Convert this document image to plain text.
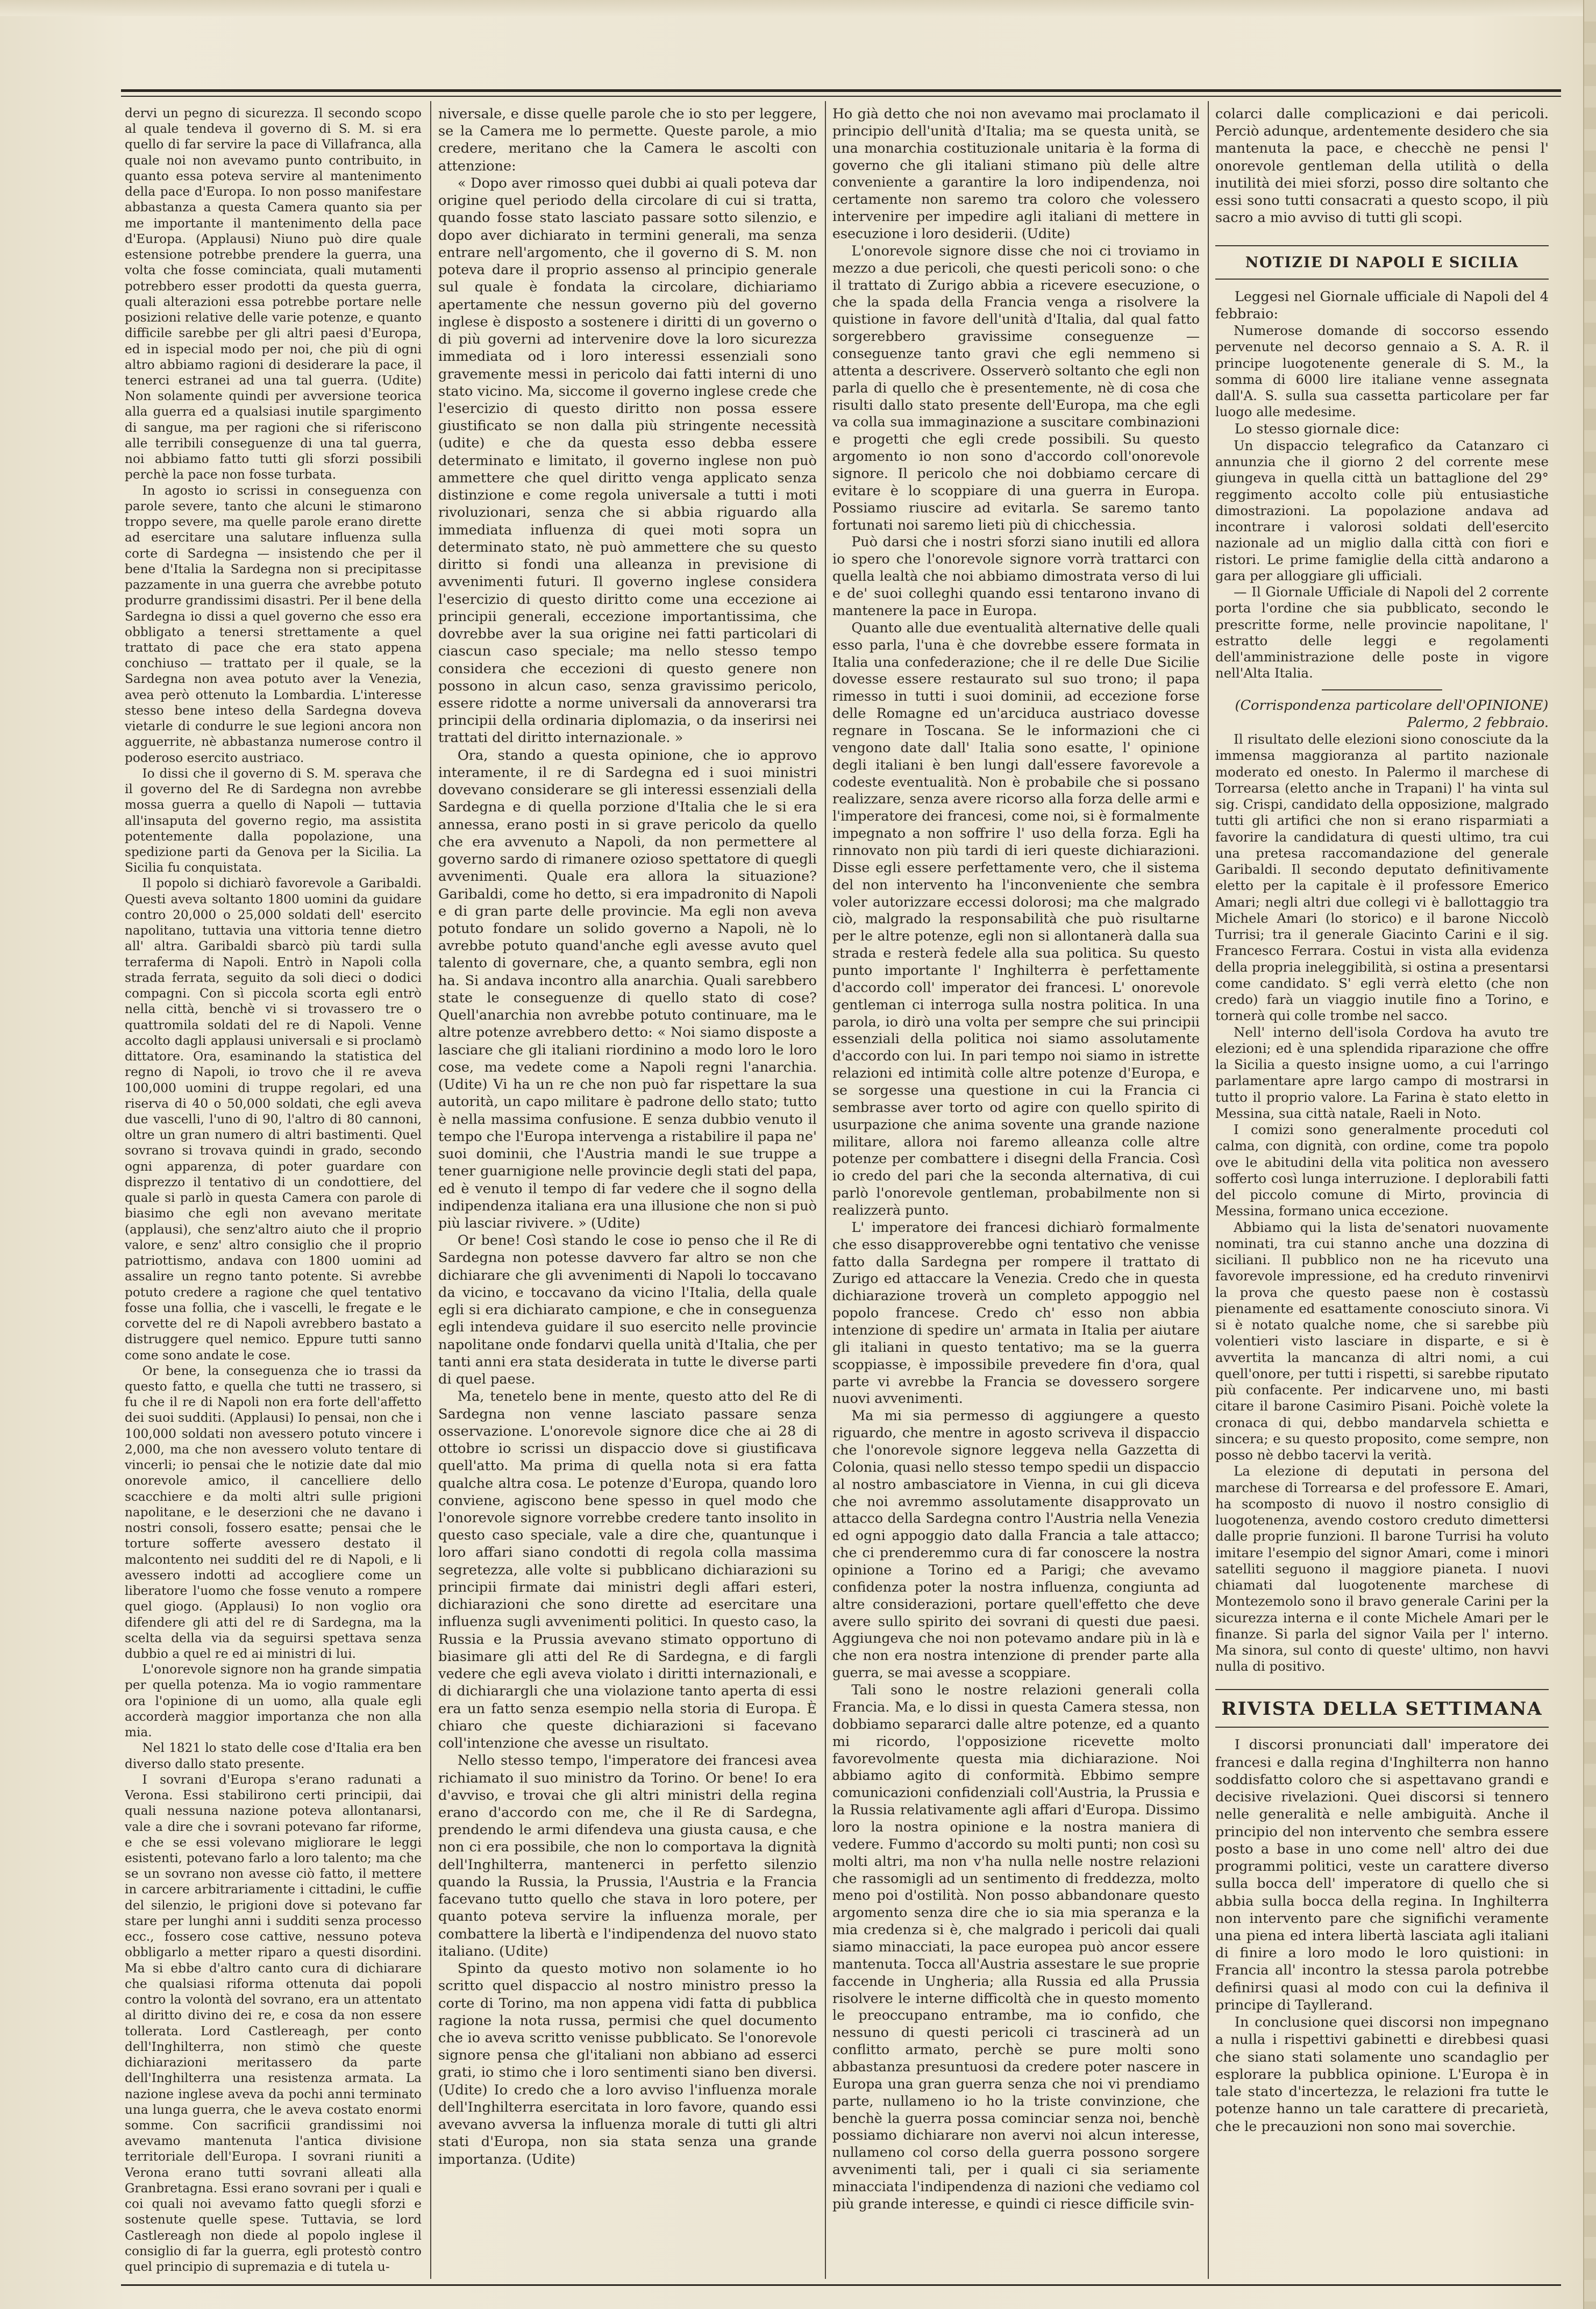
dervi un pegno di sicurezza. Il secondo scopo al quale tendeva il governo di S. M. si era quello di far servire la pace di Villafranca, alla quale noi non avevamo punto contribuito, in quanto essa poteva servire al mantenimento della pace d'Europa. Io non posso manifestare abbastanza a questa Camera quanto sia per me importante il mantenimento della pace d'Europa. (Applausi) Niuno può dire quale estensione potrebbe prendere la guerra, una volta che fosse cominciata, quali mutamenti potrebbero esser prodotti da questa guerra, quali alterazioni essa potrebbe portare nelle posizioni relative delle varie potenze, e quanto difficile sarebbe per gli altri paesi d'Europa, ed in ispecial modo per noi, che più di ogni altro abbiamo ragioni di desiderare la pace, il tenerci estranei ad una tal guerra. (Udite) Non solamente quindi per avversione teorica alla guerra ed a qualsiasi inutile spargimento di sangue, ma per ragioni che si riferiscono alle terribili conseguenze di una tal guerra, noi abbiamo fatto tutti gli sforzi possibili perchè la pace non fosse turbata.

In agosto io scrissi in conseguenza con parole severe, tanto che alcuni le stimarono troppo severe, ma quelle parole erano dirette ad esercitare una salutare influenza sulla corte di Sardegna — insistendo che per il bene d'Italia la Sardegna non si precipitasse pazzamente in una guerra che avrebbe potuto produrre grandissimi disastri. Per il bene della Sardegna io dissi a quel governo che esso era obbligato a tenersi strettamente a quel trattato di pace che era stato appena conchiuso — trattato per il quale, se la Sardegna non avea potuto aver la Venezia, avea però ottenuto la Lombardia. L'interesse stesso bene inteso della Sardegna doveva vietarle di condurre le sue legioni ancora non agguerrite, nè abbastanza numerose contro il poderoso esercito austriaco.

Io dissi che il governo di S. M. sperava che il governo del Re di Sardegna non avrebbe mossa guerra a quello di Napoli — tuttavia all'insaputa del governo regio, ma assistita potentemente dalla popolazione, una spedizione parti da Genova per la Sicilia. La Sicilia fu conquistata.

Il popolo si dichiarò favorevole a Garibaldi. Questi aveva soltanto 1800 uomini da guidare contro 20,000 o 25,000 soldati dell' esercito napolitano, tuttavia una vittoria tenne dietro all' altra. Garibaldi sbarcò più tardi sulla terraferma di Napoli. Entrò in Napoli colla strada ferrata, seguito da soli dieci o dodici compagni. Con sì piccola scorta egli entrò nella città, benchè vi si trovassero tre o quattromila soldati del re di Napoli. Venne accolto dagli applausi universali e si proclamò dittatore. Ora, esaminando la statistica del regno di Napoli, io trovo che il re aveva 100,000 uomini di truppe regolari, ed una riserva di 40 o 50,000 soldati, che egli aveva due vascelli, l'uno di 90, l'altro di 80 cannoni, oltre un gran numero di altri bastimenti. Quel sovrano si trovava quindi in grado, secondo ogni apparenza, di poter guardare con disprezzo il tentativo di un condottiere, del quale si parlò in questa Camera con parole di biasimo che egli non avevano meritate (applausi), che senz'altro aiuto che il proprio valore, e senz' altro consiglio che il proprio patriottismo, andava con 1800 uomini ad assalire un regno tanto potente. Si avrebbe potuto credere a ragione che quel tentativo fosse una follia, che i vascelli, le fregate e le corvette del re di Napoli avrebbero bastato a distruggere quel nemico. Eppure tutti sanno come sono andate le cose.

Or bene, la conseguenza che io trassi da questo fatto, e quella che tutti ne trassero, si fu che il re di Napoli non era forte dell'affetto dei suoi sudditi. (Applausi) Io pensai, non che i 100,000 soldati non avessero potuto vincere i 2,000, ma che non avessero voluto tentare di vincerli; io pensai che le notizie date dal mio onorevole amico, il cancelliere dello scacchiere e da molti altri sulle prigioni napolitane, e le deserzioni che ne davano i nostri consoli, fossero esatte; pensai che le torture sofferte avessero destato il malcontento nei sudditi del re di Napoli, e li avessero indotti ad accogliere come un liberatore l'uomo che fosse venuto a rompere quel giogo. (Applausi) Io non voglio ora difendere gli atti del re di Sardegna, ma la scelta della via da seguirsi spettava senza dubbio a quel re ed ai ministri di lui.

L'onorevole signore non ha grande simpatia per quella potenza. Ma io vogio rammentare ora l'opinione di un uomo, alla quale egli accorderà maggior importanza che non alla mia.

Nel 1821 lo stato delle cose d'Italia era ben diverso dallo stato presente.

I sovrani d'Europa s'erano radunati a Verona. Essi stabilirono certi principii, dai quali nessuna nazione poteva allontanarsi, vale a dire che i sovrani potevano far riforme, e che se essi volevano migliorare le leggi esistenti, potevano farlo a loro talento; ma che se un sovrano non avesse ciò fatto, il mettere in carcere arbitrariamente i cittadini, le cuffie del silenzio, le prigioni dove si potevano far stare per lunghi anni i sudditi senza processo ecc., fossero cose cattive, nessuno poteva obbligarlo a metter riparo a questi disordini. Ma si ebbe d'altro canto cura di dichiarare che qualsiasi riforma ottenuta dai popoli contro la volontà del sovrano, era un attentato al diritto divino dei re, e cosa da non essere tollerata. Lord Castlereagh, per conto dell'Inghilterra, non stimò che queste dichiarazioni meritassero da parte dell'Inghilterra una resistenza armata. La nazione inglese aveva da pochi anni terminato una lunga guerra, che le aveva costato enormi somme. Con sacrificii grandissimi noi avevamo mantenuta l'antica divisione territoriale dell'Europa. I sovrani riuniti a Verona erano tutti sovrani alleati alla Granbretagna. Essi erano sovrani per i quali e coi quali noi avevamo fatto quegli sforzi e sostenute quelle spese. Tuttavia, se lord Castlereagh non diede al popolo inglese il consiglio di far la guerra, egli protestò contro quel principio di supremazia e di tutela u-

niversale, e disse quelle parole che io sto per leggere, se la Camera me lo permette. Queste parole, a mio credere, meritano che la Camera le ascolti con attenzione:

« Dopo aver rimosso quei dubbi ai quali poteva dar origine quel periodo della circolare di cui si tratta, quando fosse stato lasciato passare sotto silenzio, e dopo aver dichiarato in termini generali, ma senza entrare nell'argomento, che il governo di S. M. non poteva dare il proprio assenso al principio generale sul quale è fondata la circolare, dichiariamo apertamente che nessun governo più del governo inglese è disposto a sostenere i diritti di un governo o di più governi ad intervenire dove la loro sicurezza immediata od i loro interessi essenziali sono gravemente messi in pericolo dai fatti interni di uno stato vicino. Ma, siccome il governo inglese crede che l'esercizio di questo diritto non possa essere giustificato se non dalla più stringente necessità (udite) e che da questa esso debba essere determinato e limitato, il governo inglese non può ammettere che quel diritto venga applicato senza distinzione e come regola universale a tutti i moti rivoluzionari, senza che si abbia riguardo alla immediata influenza di quei moti sopra un determinato stato, nè può ammettere che su questo diritto si fondi una alleanza in previsione di avvenimenti futuri. Il governo inglese considera l'esercizio di questo diritto come una eccezione ai principii generali, eccezione importantissima, che dovrebbe aver la sua origine nei fatti particolari di ciascun caso speciale; ma nello stesso tempo considera che eccezioni di questo genere non possono in alcun caso, senza gravissimo pericolo, essere ridotte a norme universali da annoverarsi tra principii della ordinaria diplomazia, o da inserirsi nei trattati del diritto internazionale. »

Ora, stando a questa opinione, che io approvo interamente, il re di Sardegna ed i suoi ministri dovevano considerare se gli interessi essenziali della Sardegna e di quella porzione d'Italia che le si era annessa, erano posti in si grave pericolo da quello che era avvenuto a Napoli, da non permettere al governo sardo di rimanere ozioso spettatore di quegli avvenimenti. Quale era allora la situazione? Garibaldi, come ho detto, si era impadronito di Napoli e di gran parte delle provincie. Ma egli non aveva potuto fondare un solido governo a Napoli, nè lo avrebbe potuto quand'anche egli avesse avuto quel talento di governare, che, a quanto sembra, egli non ha. Si andava incontro alla anarchia. Quali sarebbero state le conseguenze di quello stato di cose? Quell'anarchia non avrebbe potuto continuare, ma le altre potenze avrebbero detto: « Noi siamo disposte a lasciare che gli italiani riordinino a modo loro le loro cose, ma vedete come a Napoli regni l'anarchia. (Udite) Vi ha un re che non può far rispettare la sua autorità, un capo militare è padrone dello stato; tutto è nella massima confusione. E senza dubbio venuto il tempo che l'Europa intervenga a ristabilire il papa ne' suoi dominii, che l'Austria mandi le sue truppe a tener guarnigione nelle provincie degli stati del papa, ed è venuto il tempo di far vedere che il sogno della indipendenza italiana era una illusione che non si può più lasciar rivivere. » (Udite)

Or bene! Così stando le cose io penso che il Re di Sardegna non potesse davvero far altro se non che dichiarare che gli avvenimenti di Napoli lo toccavano da vicino, e toccavano da vicino l'Italia, della quale egli si era dichiarato campione, e che in conseguenza egli intendeva guidare il suo esercito nelle provincie napolitane onde fondarvi quella unità d'Italia, che per tanti anni era stata desiderata in tutte le diverse parti di quel paese.

Ma, tenetelo bene in mente, questo atto del Re di Sardegna non venne lasciato passare senza osservazione. L'onorevole signore dice che ai 28 di ottobre io scrissi un dispaccio dove si giustificava quell'atto. Ma prima di quella nota si era fatta qualche altra cosa. Le potenze d'Europa, quando loro conviene, agiscono bene spesso in quel modo che l'onorevole signore vorrebbe credere tanto insolito in questo caso speciale, vale a dire che, quantunque i loro affari siano condotti di regola colla massima segretezza, alle volte si pubblicano dichiarazioni su principii firmate dai ministri degli affari esteri, dichiarazioni che sono dirette ad esercitare una influenza sugli avvenimenti politici. In questo caso, la Russia e la Prussia avevano stimato opportuno di biasimare gli atti del Re di Sardegna, e di fargli vedere che egli aveva violato i diritti internazionali, e di dichiarargli che una violazione tanto aperta di essi era un fatto senza esempio nella storia di Europa. È chiaro che queste dichiarazioni si facevano coll'intenzione che avesse un risultato.

Nello stesso tempo, l'imperatore dei francesi avea richiamato il suo ministro da Torino. Or bene! Io era d'avviso, e trovai che gli altri ministri della regina erano d'accordo con me, che il Re di Sardegna, prendendo le armi difendeva una giusta causa, e che non ci era possibile, che non lo comportava la dignità dell'Inghilterra, mantenerci in perfetto silenzio quando la Russia, la Prussia, l'Austria e la Francia facevano tutto quello che stava in loro potere, per quanto poteva servire la influenza morale, per combattere la libertà e l'indipendenza del nuovo stato italiano. (Udite)

Spinto da questo motivo non solamente io ho scritto quel dispaccio al nostro ministro presso la corte di Torino, ma non appena vidi fatta di pubblica ragione la nota russa, permisi che quel documento che io aveva scritto venisse pubblicato. Se l'onorevole signore pensa che gl'italiani non abbiano ad esserci grati, io stimo che i loro sentimenti siano ben diversi. (Udite) Io credo che a loro avviso l'influenza morale dell'Inghilterra esercitata in loro favore, quando essi avevano avversa la influenza morale di tutti gli altri stati d'Europa, non sia stata senza una grande importanza. (Udite)

Ho già detto che noi non avevamo mai proclamato il principio dell'unità d'Italia; ma se questa unità, se una monarchia costituzionale unitaria è la forma di governo che gli italiani stimano più delle altre conveniente a garantire la loro indipendenza, noi certamente non saremo tra coloro che volessero intervenire per impedire agli italiani di mettere in esecuzione i loro desiderii. (Udite)

L'onorevole signore disse che noi ci troviamo in mezzo a due pericoli, che questi pericoli sono: o che il trattato di Zurigo abbia a ricevere esecuzione, o che la spada della Francia venga a risolvere la quistione in favore dell'unità d'Italia, dal qual fatto sorgerebbero gravissime conseguenze — conseguenze tanto gravi che egli nemmeno si attenta a descrivere. Osserverò soltanto che egli non parla di quello che è presentemente, nè di cosa che risulti dallo stato presente dell'Europa, ma che egli va colla sua immaginazione a suscitare combinazioni e progetti che egli crede possibili. Su questo argomento io non sono d'accordo coll'onorevole signore. Il pericolo che noi dobbiamo cercare di evitare è lo scoppiare di una guerra in Europa. Possiamo riuscire ad evitarla. Se saremo tanto fortunati noi saremo lieti più di chicchessia.

Può darsi che i nostri sforzi siano inutili ed allora io spero che l'onorevole signore vorrà trattarci con quella lealtà che noi abbiamo dimostrata verso di lui e de' suoi colleghi quando essi tentarono invano di mantenere la pace in Europa.

Quanto alle due eventualità alternative delle quali esso parla, l'una è che dovrebbe essere formata in Italia una confederazione; che il re delle Due Sicilie dovesse essere restaurato sul suo trono; il papa rimesso in tutti i suoi dominii, ad eccezione forse delle Romagne ed un'arciduca austriaco dovesse regnare in Toscana. Se le informazioni che ci vengono date dall' Italia sono esatte, l' opinione degli italiani è ben lungi dall'essere favorevole a codeste eventualità. Non è probabile che si possano realizzare, senza avere ricorso alla forza delle armi e l'imperatore dei francesi, come noi, si è formalmente impegnato a non soffrire l' uso della forza. Egli ha rinnovato non più tardi di ieri queste dichiarazioni. Disse egli essere perfettamente vero, che il sistema del non intervento ha l'inconveniente che sembra voler autorizzare eccessi dolorosi; ma che malgrado ciò, malgrado la responsabilità che può risultarne per le altre potenze, egli non si allontanerà dalla sua strada e resterà fedele alla sua politica. Su questo punto importante l' Inghilterra è perfettamente d'accordo coll' imperator dei francesi. L' onorevole gentleman ci interroga sulla nostra politica. In una parola, io dirò una volta per sempre che sui principii essenziali della politica noi siamo assolutamente d'accordo con lui. In pari tempo noi siamo in istrette relazioni ed intimità colle altre potenze d'Europa, e se sorgesse una questione in cui la Francia ci sembrasse aver torto od agire con quello spirito di usurpazione che anima sovente una grande nazione militare, allora noi faremo alleanza colle altre potenze per combattere i disegni della Francia. Così io credo del pari che la seconda alternativa, di cui parlò l'onorevole gentleman, probabilmente non si realizzerà punto.

L' imperatore dei francesi dichiarò formalmente che esso disapproverebbe ogni tentativo che venisse fatto dalla Sardegna per rompere il trattato di Zurigo ed attaccare la Venezia. Credo che in questa dichiarazione troverà un completo appoggio nel popolo francese. Credo ch' esso non abbia intenzione di spedire un' armata in Italia per aiutare gli italiani in questo tentativo; ma se la guerra scoppiasse, è impossibile prevedere fin d'ora, qual parte vi avrebbe la Francia se dovessero sorgere nuovi avvenimenti.

Ma mi sia permesso di aggiungere a questo riguardo, che mentre in agosto scriveva il dispaccio che l'onorevole signore leggeva nella Gazzetta di Colonia, quasi nello stesso tempo spedii un dispaccio al nostro ambasciatore in Vienna, in cui gli diceva che noi avremmo assolutamente disapprovato un attacco della Sardegna contro l'Austria nella Venezia ed ogni appoggio dato dalla Francia a tale attacco; che ci prenderemmo cura di far conoscere la nostra opinione a Torino ed a Parigi; che avevamo confidenza poter la nostra influenza, congiunta ad altre considerazioni, portare quell'effetto che deve avere sullo spirito dei sovrani di questi due paesi. Aggiungeva che noi non potevamo andare più in là e che non era nostra intenzione di prender parte alla guerra, se mai avesse a scoppiare.

Tali sono le nostre relazioni generali colla Francia. Ma, e lo dissi in questa Camera stessa, non dobbiamo separarci dalle altre potenze, ed a quanto mi ricordo, l'opposizione ricevette molto favorevolmente questa mia dichiarazione. Noi abbiamo agito di conformità. Ebbimo sempre comunicazioni confidenziali coll'Austria, la Prussia e la Russia relativamente agli affari d'Europa. Dissimo loro la nostra opinione e la nostra maniera di vedere. Fummo d'accordo su molti punti; non così su molti altri, ma non v'ha nulla nelle nostre relazioni che rassomigli ad un sentimento di freddezza, molto meno poi d'ostilità. Non posso abbandonare questo argomento senza dire che io sia mia speranza e la mia credenza si è, che malgrado i pericoli dai quali siamo minacciati, la pace europea può ancor essere mantenuta. Tocca all'Austria assestare le sue proprie faccende in Ungheria; alla Russia ed alla Prussia risolvere le interne difficoltà che in questo momento le preoccupano entrambe, ma io confido, che nessuno di questi pericoli ci trascinerà ad un conflitto armato, perchè se pure molti sono abbastanza presuntuosi da credere poter nascere in Europa una gran guerra senza che noi vi prendiamo parte, nullameno io ho la triste convinzione, che benchè la guerra possa cominciar senza noi, benchè possiamo dichiarare non avervi noi alcun interesse, nullameno col corso della guerra possono sorgere avvenimenti tali, per i quali ci sia seriamente minacciata l'indipendenza di nazioni che vediamo col più grande interesse, e quindi ci riesce difficile svin-

colarci dalle complicazioni e dai pericoli. Perciò adunque, ardentemente desidero che sia mantenuta la pace, e checchè ne pensi l' onorevole gentleman della utilità o della inutilità dei miei sforzi, posso dire soltanto che essi sono tutti consacrati a questo scopo, il più sacro a mio avviso di tutti gli scopi.

NOTIZIE DI NAPOLI E SICILIA

Leggesi nel Giornale ufficiale di Napoli del 4 febbraio:

Numerose domande di soccorso essendo pervenute nel decorso gennaio a S. A. R. il principe luogotenente generale di S. M., la somma di 6000 lire italiane venne assegnata dall'A. S. sulla sua cassetta particolare per far luogo alle medesime.

Lo stesso giornale dice:

Un dispaccio telegrafico da Catanzaro ci annunzia che il giorno 2 del corrente mese giungeva in quella città un battaglione del 29° reggimento accolto colle più entusiastiche dimostrazioni. La popolazione andava ad incontrare i valorosi soldati dell'esercito nazionale ad un miglio dalla città con fiori e ristori. Le prime famiglie della città andarono a gara per alloggiare gli ufficiali.

— Il Giornale Ufficiale di Napoli del 2 corrente porta l'ordine che sia pubblicato, secondo le prescritte forme, nelle provincie napolitane, l' estratto delle leggi e regolamenti dell'amministrazione delle poste in vigore nell'Alta Italia.

(Corrispondenza particolare dell'OPINIONE)

Palermo, 2 febbraio.

Il risultato delle elezioni siono conosciute da la immensa maggioranza al partito nazionale moderato ed onesto. In Palermo il marchese di Torrearsa (eletto anche in Trapani) l' ha vinta sul sig. Crispi, candidato della opposizione, malgrado tutti gli artifici che non si erano risparmiati a favorire la candidatura di questi ultimo, tra cui una pretesa raccomandazione del generale Garibaldi. Il secondo deputato definitivamente eletto per la capitale è il professore Emerico Amari; negli altri due collegi vi è ballottaggio tra Michele Amari (lo storico) e il barone Niccolò Turrisi; tra il generale Giacinto Carini e il sig. Francesco Ferrara. Costui in vista alla evidenza della propria ineleggibilità, si ostina a presentarsi come candidato. S' egli verrà eletto (che non credo) farà un viaggio inutile fino a Torino, e tornerà qui colle trombe nel sacco.

Nell' interno dell'isola Cordova ha avuto tre elezioni; ed è una splendida riparazione che offre la Sicilia a questo insigne uomo, a cui l'arringo parlamentare apre largo campo di mostrarsi in tutto il proprio valore. La Farina è stato eletto in Messina, sua città natale, Raeli in Noto.

I comizi sono generalmente proceduti col calma, con dignità, con ordine, come tra popolo ove le abitudini della vita politica non avessero sofferto così lunga interruzione. I deplorabili fatti del piccolo comune di Mirto, provincia di Messina, formano unica eccezione.

Abbiamo qui la lista de'senatori nuovamente nominati, tra cui stanno anche una dozzina di siciliani. Il pubblico non ne ha ricevuto una favorevole impressione, ed ha creduto rinvenirvi la prova che questo paese non è costassù pienamente ed esattamente conosciuto sinora. Vi si è notato qualche nome, che si sarebbe più volentieri visto lasciare in disparte, e si è avvertita la mancanza di altri nomi, a cui quell'onore, per tutti i rispetti, si sarebbe riputato più confacente. Per indicarvene uno, mi basti citare il barone Casimiro Pisani. Poichè volete la cronaca di qui, debbo mandarvela schietta e sincera; e su questo proposito, come sempre, non posso nè debbo tacervi la verità.

La elezione di deputati in persona del marchese di Torrearsa e del professore E. Amari, ha scomposto di nuovo il nostro consiglio di luogotenenza, avendo costoro creduto dimettersi dalle proprie funzioni. Il barone Turrisi ha voluto imitare l'esempio del signor Amari, come i minori satelliti seguono il maggiore pianeta. I nuovi chiamati dal luogotenente marchese di Montezemolo sono il bravo generale Carini per la sicurezza interna e il conte Michele Amari per le finanze. Si parla del signor Vaila per l' interno. Ma sinora, sul conto di queste' ultimo, non havvi nulla di positivo.

RIVISTA DELLA SETTIMANA

I discorsi pronunciati dall' imperatore dei francesi e dalla regina d'Inghilterra non hanno soddisfatto coloro che si aspettavano grandi e decisive rivelazioni. Quei discorsi si tennero nelle generalità e nelle ambiguità. Anche il principio del non intervento che sembra essere posto a base in uno come nell' altro dei due programmi politici, veste un carattere diverso sulla bocca dell' imperatore di quello che si abbia sulla bocca della regina. In Inghilterra non intervento pare che significhi veramente una piena ed intera libertà lasciata agli italiani di finire a loro modo le loro quistioni: in Francia all' incontro la stessa parola potrebbe definirsi quasi al modo con cui la definiva il principe di Tayllerand.

In conclusione quei discorsi non impegnano a nulla i rispettivi gabinetti e direbbesi quasi che siano stati solamente uno scandaglio per esplorare la pubblica opinione. L'Europa è in tale stato d'incertezza, le relazioni fra tutte le potenze hanno un tale carattere di precarietà, che le precauzioni non sono mai soverchie.
